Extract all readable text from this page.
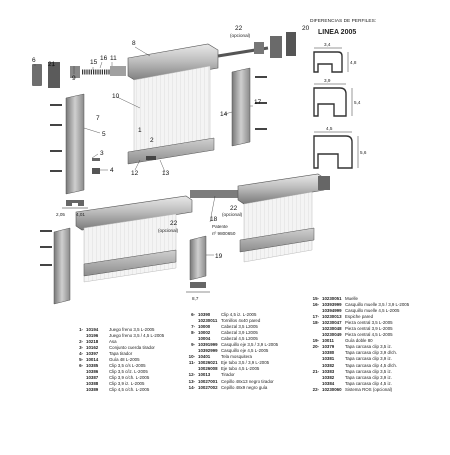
6
21
9
15
16 11
8
22
10
5
7
3
4	12	13
1
2
14
17
20
22
22
18
19
(opcional)
(opcional)
(opcional)
2,05 4,01
8,7
Patente
nº 9800650
DIFERENCIAS DE PERFILES:
LINEA 2005
3,4
4,8
3,9
5,4
4,5
5,6
1- 10194	Juego freno 3,5 L-2005
10196	Juego freno 3,5 / 4,5 L-2005
2- 10218	Asa
3- 10162	Conjunto cuerda tirador
4- 10397	Tapa tirador
5- 10014	Guía 48 L-2005
6- 10385	Clip 3,5 c/s L-2005
10386	Clip 3,5 c/iz. L-2005
10387	Clip 3,9 c/ch. L-2005
10388	Clip 3,9 iz. L-2005
10389	Clip 4,5 c/ch. L-2005
6- 10390	Clip 4,5 iz. L-2005
10230011 Tornillos 4x40 pared
7- 10000	Cabezal 3,5 L2005
8- 10002	Cabezal 3,9 L2005
10004	Cabezal 4,5 L2005
9- 10391999 Casquillo eje 3,5 / 3,9 L-2005
10392999 Casquillo eje 4,5 L-2005
10- 10401	Tela mosquitera
11- 10026021 Eje tubo 3,5 / 3,9 L-2005
10026008 Eje tubo 4,5 L-2005
12- 10013	Tirador
13- 10027001 Cepillo 48x13 negro tirador
14- 10027002 Cepillo 48x9 negro guía
15- 10230051 Muelle
16- 10393999 Casquillo muelle 3,5 / 3,9 L-2005
10394999 Casquillo muelle 4,5 L-2005
17- 10230013 Espiche pared
18- 10230047 Pieza central 3,5 L-2005
10230048 Pieza central 3,9 L-2005
10230049 Pieza central 4,5 L-2005
19- 10011	Guía doble 80
20- 10379	Tapa carcasa clip 3,5 iz.
10380	Tapa carcasa clip 3,9 d/ch.
10381	Tapa carcasa clip 3,9 iz.
10382	Tapa carcasa clip 4,5 d/ch.
21- 10383	Tapa carcasa clip 3,5 iz.
10382	Tapa carcasa clip 3,9 iz.
10384	Tapa carcasa clip 4,5 iz.
22- 10230060 Sistema ROS (opcional)
